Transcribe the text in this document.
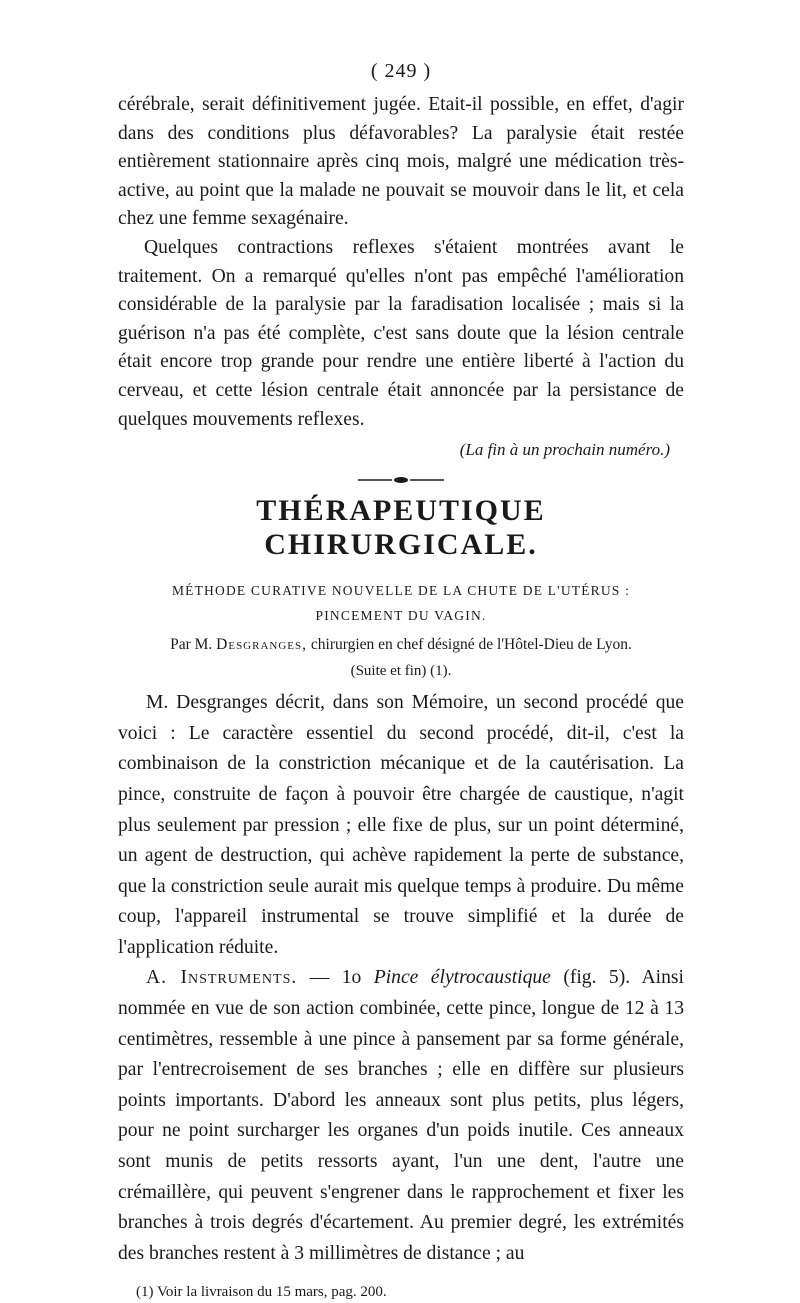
( 249 )

cérébrale, serait définitivement jugée. Etait-il possible, en effet, d'agir dans des conditions plus défavorables? La paralysie était restée entièrement stationnaire après cinq mois, malgré une médication très-active, au point que la malade ne pouvait se mouvoir dans le lit, et cela chez une femme sexagénaire.

Quelques contractions reflexes s'étaient montrées avant le traitement. On a remarqué qu'elles n'ont pas empêché l'amélioration considérable de la paralysie par la faradisation localisée ; mais si la guérison n'a pas été complète, c'est sans doute que la lésion centrale était encore trop grande pour rendre une entière liberté à l'action du cerveau, et cette lésion centrale était annoncée par la persistance de quelques mouvements reflexes.

(La fin à un prochain numéro.)
THÉRAPEUTIQUE CHIRURGICALE.

MÉTHODE CURATIVE NOUVELLE DE LA CHUTE DE L'UTÉRUS :

PINCEMENT DU VAGIN.

Par M. Desgranges, chirurgien en chef désigné de l'Hôtel-Dieu de Lyon.

(Suite et fin) (1).

M. Desgranges décrit, dans son Mémoire, un second procédé que voici : Le caractère essentiel du second procédé, dit-il, c'est la combinaison de la constriction mécanique et de la cautérisation. La pince, construite de façon à pouvoir être chargée de caustique, n'agit plus seulement par pression ; elle fixe de plus, sur un point déterminé, un agent de destruction, qui achève rapidement la perte de substance, que la constriction seule aurait mis quelque temps à produire. Du même coup, l'appareil instrumental se trouve simplifié et la durée de l'application réduite.

A. Instruments. — 1o Pince élytrocaustique (fig. 5). Ainsi nommée en vue de son action combinée, cette pince, longue de 12 à 13 centimètres, ressemble à une pince à pansement par sa forme générale, par l'entrecroisement de ses branches ; elle en diffère sur plusieurs points importants. D'abord les anneaux sont plus petits, plus légers, pour ne point surcharger les organes d'un poids inutile. Ces anneaux sont munis de petits ressorts ayant, l'un une dent, l'autre une crémaillère, qui peuvent s'engrener dans le rapprochement et fixer les branches à trois degrés d'écartement. Au premier degré, les extrémités des branches restent à 3 millimètres de distance ; au

(1) Voir la livraison du 15 mars, pag. 200.
